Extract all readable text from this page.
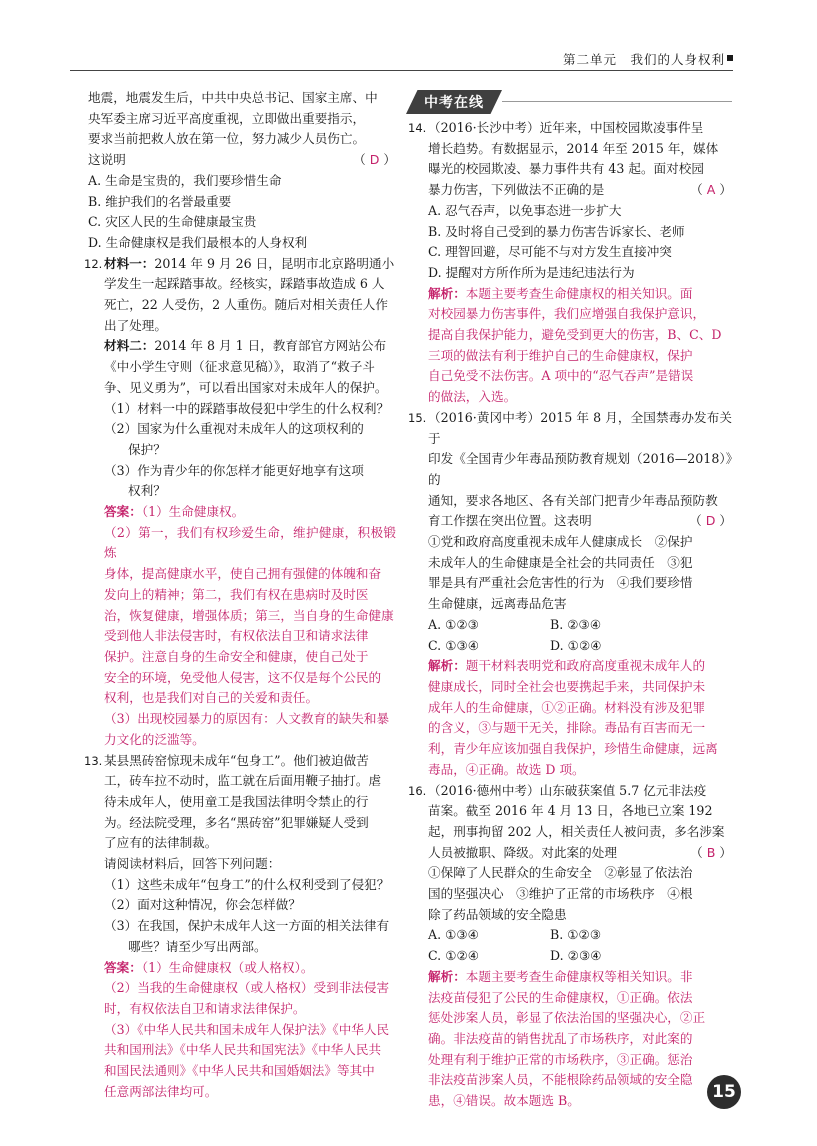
第二单元　我们的人身权利

地震，地震发生后，中共中央总书记、国家主席、中

央军委主席习近平高度重视，立即做出重要指示，

要求当前把救人放在第一位，努力减少人员伤亡。

这说明	（ D ）

A. 生命是宝贵的，我们要珍惜生命

B. 维护我们的名誉最重要

C. 灾区人民的生命健康最宝贵

D. 生命健康权是我们最根本的人身权利

12. 材料一：2014 年 9 月 26 日，昆明市北京路明通小

学发生一起踩踏事故。经核实，踩踏事故造成 6 人

死亡，22 人受伤，2 人重伤。随后对相关责任人作

出了处理。

材料二：2014 年 8 月 1 日，教育部官方网站公布

《中小学生守则（征求意见稿）》，取消了“救子斗

争、见义勇为”，可以看出国家对未成年人的保护。

（1）材料一中的踩踏事故侵犯中学生的什么权利？

（2）国家为什么重视对未成年人的这项权利的

保护？

（3）作为青少年的你怎样才能更好地享有这项

权利？

答案：（1）生命健康权。

（2）第一，我们有权珍爱生命，维护健康，积极锻炼

身体，提高健康水平，使自己拥有强健的体魄和奋

发向上的精神；第二，我们有权在患病时及时医

治，恢复健康，增强体质；第三，当自身的生命健康

受到他人非法侵害时，有权依法自卫和请求法律

保护。注意自身的生命安全和健康，使自己处于

安全的环境，免受他人侵害，这不仅是每个公民的

权利，也是我们对自己的关爱和责任。

（3）出现校园暴力的原因有：人文教育的缺失和暴

力文化的泛滥等。

13. 某县黑砖窑惊现未成年“包身工”。他们被迫做苦

工，砖车拉不动时，监工就在后面用鞭子抽打。虐

待未成年人，使用童工是我国法律明令禁止的行

为。经法院受理，多名“黑砖窑”犯罪嫌疑人受到

了应有的法律制裁。

请阅读材料后，回答下列问题：

（1）这些未成年“包身工”的什么权利受到了侵犯？

（2）面对这种情况，你会怎样做？

（3）在我国，保护未成年人这一方面的相关法律有

哪些？请至少写出两部。

答案：（1）生命健康权（或人格权）。

（2）当我的生命健康权（或人格权）受到非法侵害

时，有权依法自卫和请求法律保护。

（3）《中华人民共和国未成年人保护法》《中华人民

共和国刑法》《中华人民共和国宪法》《中华人民共

和国民法通则》《中华人民共和国婚姻法》等其中

任意两部法律均可。

中考在线
14. （2016·长沙中考）近年来，中国校园欺凌事件呈

增长趋势。有数据显示，2014 年至 2015 年，媒体

曝光的校园欺凌、暴力事件共有 43 起。面对校园

暴力伤害，下列做法不正确的是	（ A ）

A. 忍气吞声，以免事态进一步扩大

B. 及时将自己受到的暴力伤害告诉家长、老师

C. 理智回避，尽可能不与对方发生直接冲突

D. 提醒对方所作所为是违纪违法行为

解析：本题主要考查生命健康权的相关知识。面

对校园暴力伤害事件，我们应增强自我保护意识，

提高自我保护能力，避免受到更大的伤害，B、C、D

三项的做法有利于维护自己的生命健康权，保护

自己免受不法伤害。A 项中的“忍气吞声”是错误

的做法，入选。

15. （2016·黄冈中考）2015 年 8 月，全国禁毒办发布关于

印发《全国青少年毒品预防教育规划（2016—2018）》的

通知，要求各地区、各有关部门把青少年毒品预防教

育工作摆在突出位置。这表明	（ D ）

①党和政府高度重视未成年人健康成长　②保护

未成年人的生命健康是全社会的共同责任　③犯

罪是具有严重社会危害性的行为　④我们要珍惜

生命健康，远离毒品危害

A. ①②③	B. ②③④

C. ①③④	D. ①②④

解析：题干材料表明党和政府高度重视未成年人的

健康成长，同时全社会也要携起手来，共同保护未

成年人的生命健康，①②正确。材料没有涉及犯罪

的含义，③与题干无关，排除。毒品有百害而无一

利，青少年应该加强自我保护，珍惜生命健康，远离

毒品，④正确。故选 D 项。

16. （2016·德州中考）山东破获案值 5.7 亿元非法疫

苗案。截至 2016 年 4 月 13 日，各地已立案 192

起，刑事拘留 202 人，相关责任人被问责，多名涉案

人员被撤职、降级。对此案的处理	（ B ）

①保障了人民群众的生命安全　②彰显了依法治

国的坚强决心　③维护了正常的市场秩序　④根

除了药品领域的安全隐患

A. ①③④	B. ①②③

C. ①②④	D. ②③④

解析：本题主要考查生命健康权等相关知识。非

法疫苗侵犯了公民的生命健康权，①正确。依法

惩处涉案人员，彰显了依法治国的坚强决心，②正

确。非法疫苗的销售扰乱了市场秩序，对此案的

处理有利于维护正常的市场秩序，③正确。惩治

非法疫苗涉案人员，不能根除药品领域的安全隐

患，④错误。故本题选 B。	15
